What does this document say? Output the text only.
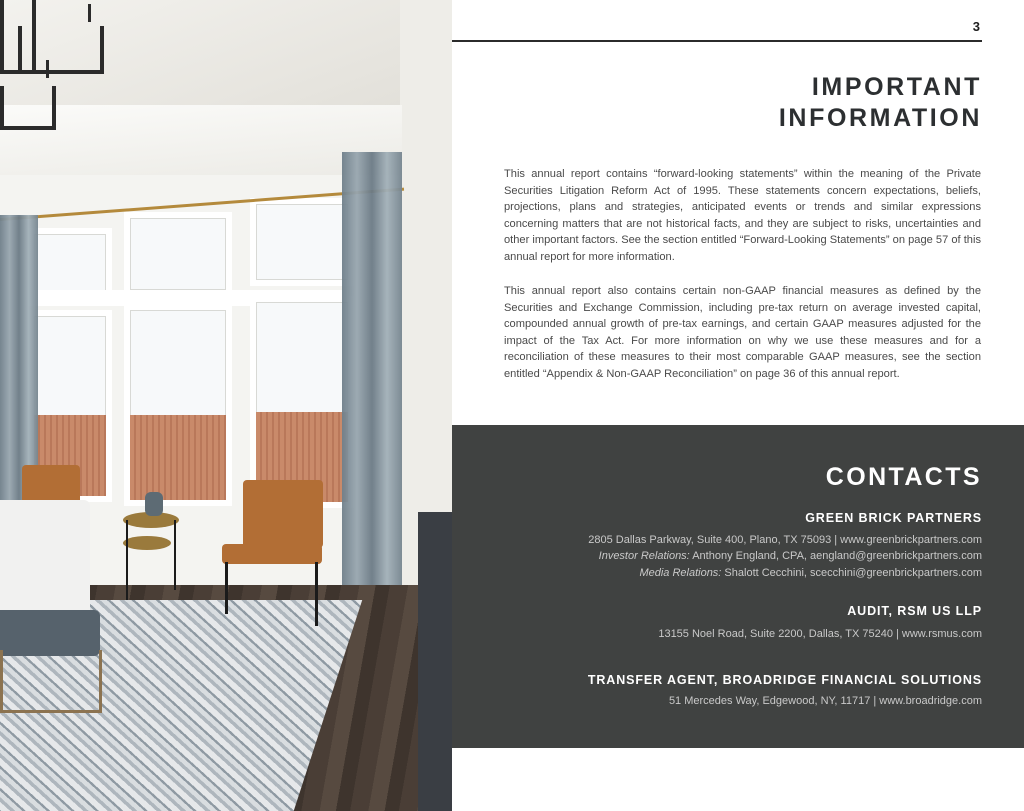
3
IMPORTANT
INFORMATION

This annual report contains “forward-looking statements” within the meaning of the Private Securities Litigation Reform Act of 1995. These statements concern expectations, beliefs, projections, plans and strategies, anticipated events or trends and similar expressions concerning matters that are not historical facts, and they are subject to risks, uncertainties and other important factors. See the section entitled “Forward-Looking Statements” on page 57 of this annual report for more information.

This annual report also contains certain non-GAAP financial measures as defined by the Securities and Exchange Commission, including pre-tax return on average invested capital, compounded annual growth of pre-tax earnings, and certain GAAP measures adjusted for the impact of the Tax Act. For more information on why we use these measures and for a reconciliation of these measures to their most comparable GAAP measures, see the section entitled “Appendix & Non-GAAP Reconciliation” on page 36 of this annual report.

CONTACTS
GREEN BRICK PARTNERS
2805 Dallas Parkway, Suite 400, Plano, TX 75093 | www.greenbrickpartners.com
Investor Relations: Anthony England, CPA, aengland@greenbrickpartners.com
Media Relations: Shalott Cecchini, scecchini@greenbrickpartners.com
AUDIT, RSM US LLP
13155 Noel Road, Suite 2200, Dallas, TX 75240 | www.rsmus.com
TRANSFER AGENT, BROADRIDGE FINANCIAL SOLUTIONS
51 Mercedes Way, Edgewood, NY, 11717 | www.broadridge.com
